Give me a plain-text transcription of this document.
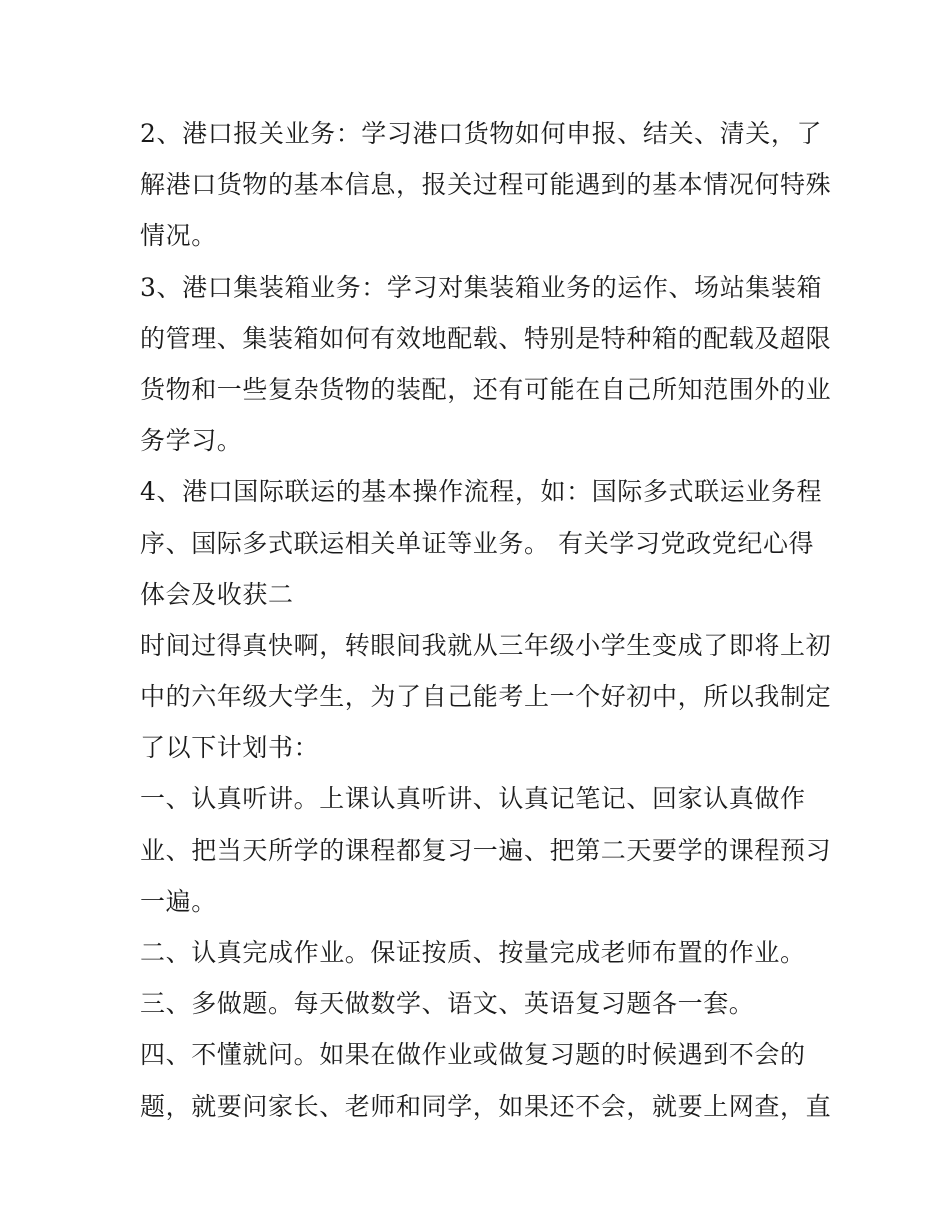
2、港口报关业务：学习港口货物如何申报、结关、清关，了
解港口货物的基本信息，报关过程可能遇到的基本情况何特殊
情况。
3、港口集装箱业务：学习对集装箱业务的运作、场站集装箱
的管理、集装箱如何有效地配载、特别是特种箱的配载及超限
货物和一些复杂货物的装配，还有可能在自己所知范围外的业
务学习。
4、港口国际联运的基本操作流程，如：国际多式联运业务程
序、国际多式联运相关单证等业务。 有关学习党政党纪心得
体会及收获二
时间过得真快啊，转眼间我就从三年级小学生变成了即将上初
中的六年级大学生，为了自己能考上一个好初中，所以我制定
了以下计划书：
一、认真听讲。上课认真听讲、认真记笔记、回家认真做作
业、把当天所学的课程都复习一遍、把第二天要学的课程预习
一遍。
二、认真完成作业。保证按质、按量完成老师布置的作业。
三、多做题。每天做数学、语文、英语复习题各一套。
四、不懂就问。如果在做作业或做复习题的时候遇到不会的
题，就要问家长、老师和同学，如果还不会，就要上网查，直
